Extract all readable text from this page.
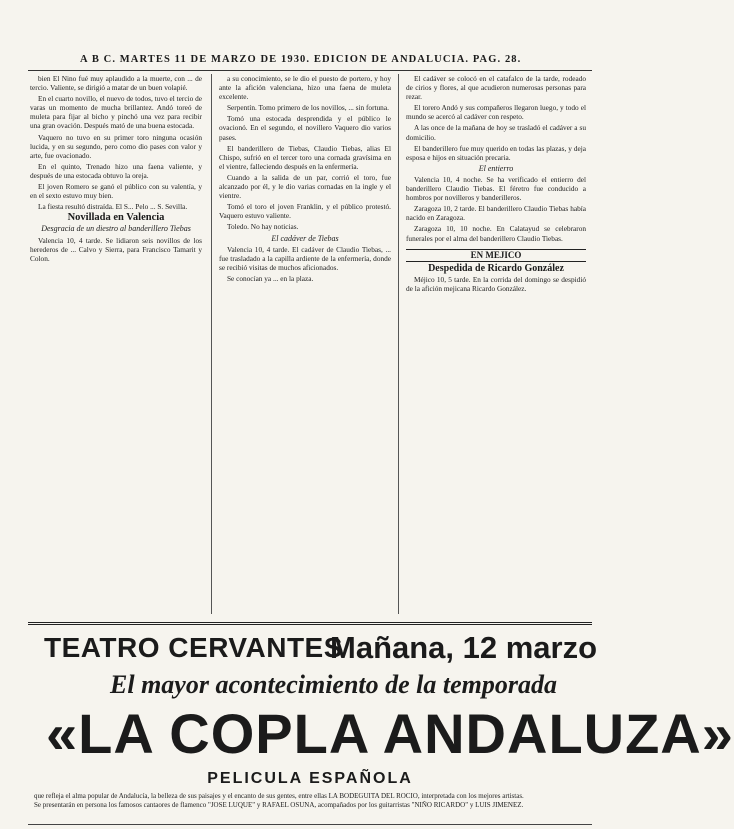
A B C. MARTES 11 DE MARZO DE 1930. EDICION DE ANDALUCIA. PAG. 28.

bien El Nino fué muy aplaudido a la muerte, con ... de tercio. Valiente, se dirigió a matar de un buen volapié.

En el cuarto novillo, el nuevo de todos, tuvo el tercio de varas un momento de mucha brillantez. Andó toreó de muleta para fijar al bicho y pinchó una vez para recibir una gran ovación. Después mató de una buena estocada.

Vaquero no tuvo en su primer toro ninguna ocasión lucida, y en su segundo, pero como dio pases con valor y arte, fue ovacionado.

En el quinto, Trenado hizo una faena valiente, y después de una estocada obtuvo la oreja.

El joven Romero se ganó el público con su valentía, y en el sexto estuvo muy bien.

La fiesta resultó distraída. El S... Pelo ... S. Sevilla.

Novillada en Valencia

Desgracia de un diestro al banderillero Tiebas

Valencia 10, 4 tarde. Se lidiaron seis novillos de los herederos de ... Calvo y Sierra, para Francisco Tamarit y Colon.

a su conocimiento, se le dio el puesto de portero, y hoy ante la afición valenciana, hizo una faena de muleta excelente.

Serpentín. Tomo primero de los novillos, ... sin fortuna.

Tomó una estocada desprendida y el público le ovacionó. En el segundo, el novillero Vaquero dio varios pases.

El banderillero de Tiebas, Claudio Tiebas, alias El Chispo, sufrió en el tercer toro una cornada gravísima en el vientre, falleciendo después en la enfermería.

Cuando a la salida de un par, corrió el toro, fue alcanzado por él, y le dio varias cornadas en la ingle y el vientre.

Tomó el toro el joven Franklin, y el público protestó. Vaquero estuvo valiente.

Toledo. No hay noticias.

El cadáver de Tiebas

Valencia 10, 4 tarde. El cadáver de Claudio Tiebas, ... fue trasladado a la capilla ardiente de la enfermería, donde se recibió visitas de muchos aficionados.

Se conocían ya ... en la plaza.

El cadáver se colocó en el catafalco de la tarde, rodeado de cirios y flores, al que acudieron numerosas personas para rezar.

El torero Andó y sus compañeros llegaron luego, y todo el mundo se acercó al cadáver con respeto.

A las once de la mañana de hoy se trasladó el cadáver a su domicilio.

El banderillero fue muy querido en todas las plazas, y deja esposa e hijos en situación precaria.

El entierro

Valencia 10, 4 noche. Se ha verificado el entierro del banderillero Claudio Tiebas. El féretro fue conducido a hombros por novilleros y banderilleros.

Zaragoza 10, 2 tarde. El banderillero Claudio Tiebas había nacido en Zaragoza.

Zaragoza 10, 10 noche. En Calatayud se celebraron funerales por el alma del banderillero Claudio Tiebas.

EN MEJICO

Despedida de Ricardo González

Méjico 10, 5 tarde. En la corrida del domingo se despidió de la afición mejicana Ricardo González.

TEATRO CERVANTES
Mañana, 12 marzo
El mayor acontecimiento de la temporada
«LA COPLA ANDALUZA»
PELICULA ESPAÑOLA

que refleja el alma popular de Andalucía, la belleza de sus paisajes y el encanto de sus gentes, entre ellas LA BODEGUITA DEL ROCIO, interpretada con los mejores artistas.

Se presentarán en persona los famosos cantaores de flamenco "JOSE LUQUE" y RAFAEL OSUNA, acompañados por los guitarristas "NIÑO RICARDO" y LUIS JIMENEZ.
